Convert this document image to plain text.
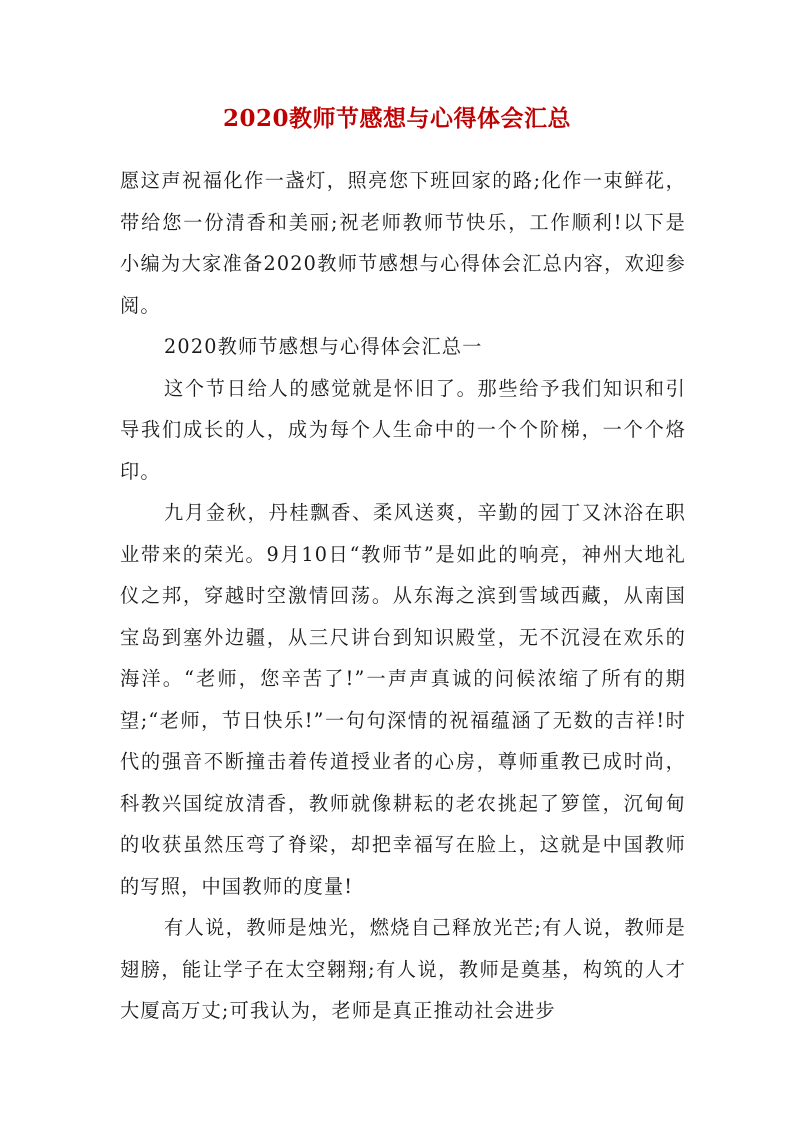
2020教师节感想与心得体会汇总

愿这声祝福化作一盏灯，照亮您下班回家的路;化作一束鲜花，带给您一份清香和美丽;祝老师教师节快乐，工作顺利!以下是小编为大家准备2020教师节感想与心得体会汇总内容，欢迎参阅。

2020教师节感想与心得体会汇总一

这个节日给人的感觉就是怀旧了。那些给予我们知识和引导我们成长的人，成为每个人生命中的一个个阶梯，一个个烙印。

九月金秋，丹桂飘香、柔风送爽，辛勤的园丁又沐浴在职业带来的荣光。9月10日“教师节”是如此的响亮，神州大地礼仪之邦，穿越时空激情回荡。从东海之滨到雪域西藏，从南国宝岛到塞外边疆，从三尺讲台到知识殿堂，无不沉浸在欢乐的海洋。“老师，您辛苦了!”一声声真诚的问候浓缩了所有的期望;“老师，节日快乐!”一句句深情的祝福蕴涵了无数的吉祥!时代的强音不断撞击着传道授业者的心房，尊师重教已成时尚，科教兴国绽放清香，教师就像耕耘的老农挑起了箩筐，沉甸甸的收获虽然压弯了脊梁，却把幸福写在脸上，这就是中国教师的写照，中国教师的度量!

有人说，教师是烛光，燃烧自己释放光芒;有人说，教师是翅膀，能让学子在太空翱翔;有人说，教师是奠基，构筑的人才大厦高万丈;可我认为，老师是真正推动社会进步
